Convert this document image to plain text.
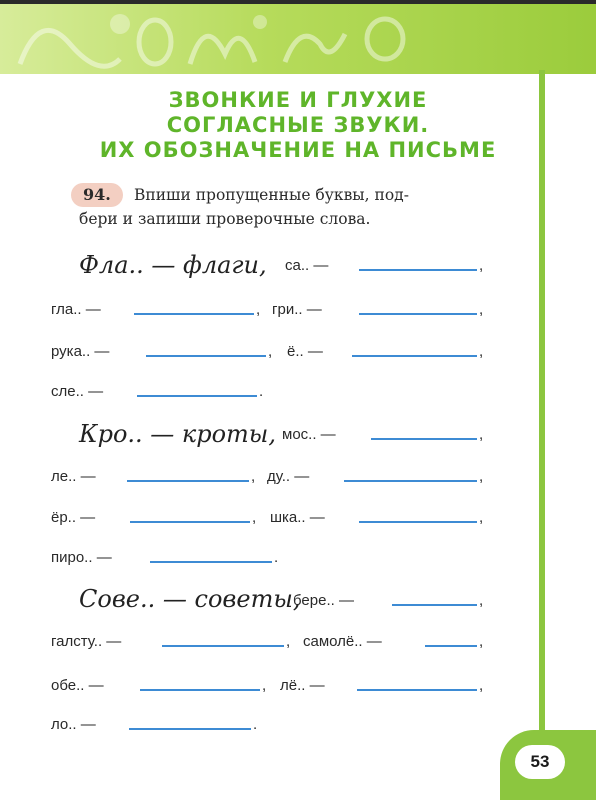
53
ЗВОНКИЕ И ГЛУХИЕ
СОГЛАСНЫЕ ЗВУКИ.
ИХ ОБОЗНАЧЕНИЕ НА ПИСЬМЕ
94. Впиши пропущенные буквы, под-
бери и запиши проверочные слова.
Фла.. — флаги, са.. —	,
гла.. —	, гри.. —	,
рука.. —	, ё.. —	,
сле.. —	.
Кро.. — кроты, мос.. —	,
ле.. —	, ду.. —	,
ёр.. —	, шка.. —	,
пиро.. —	.
Сове.. — советы,
бере.. —	,
галсту.. —	, самолё.. —	,
обе.. —	, лё.. —	,
ло.. —	.
